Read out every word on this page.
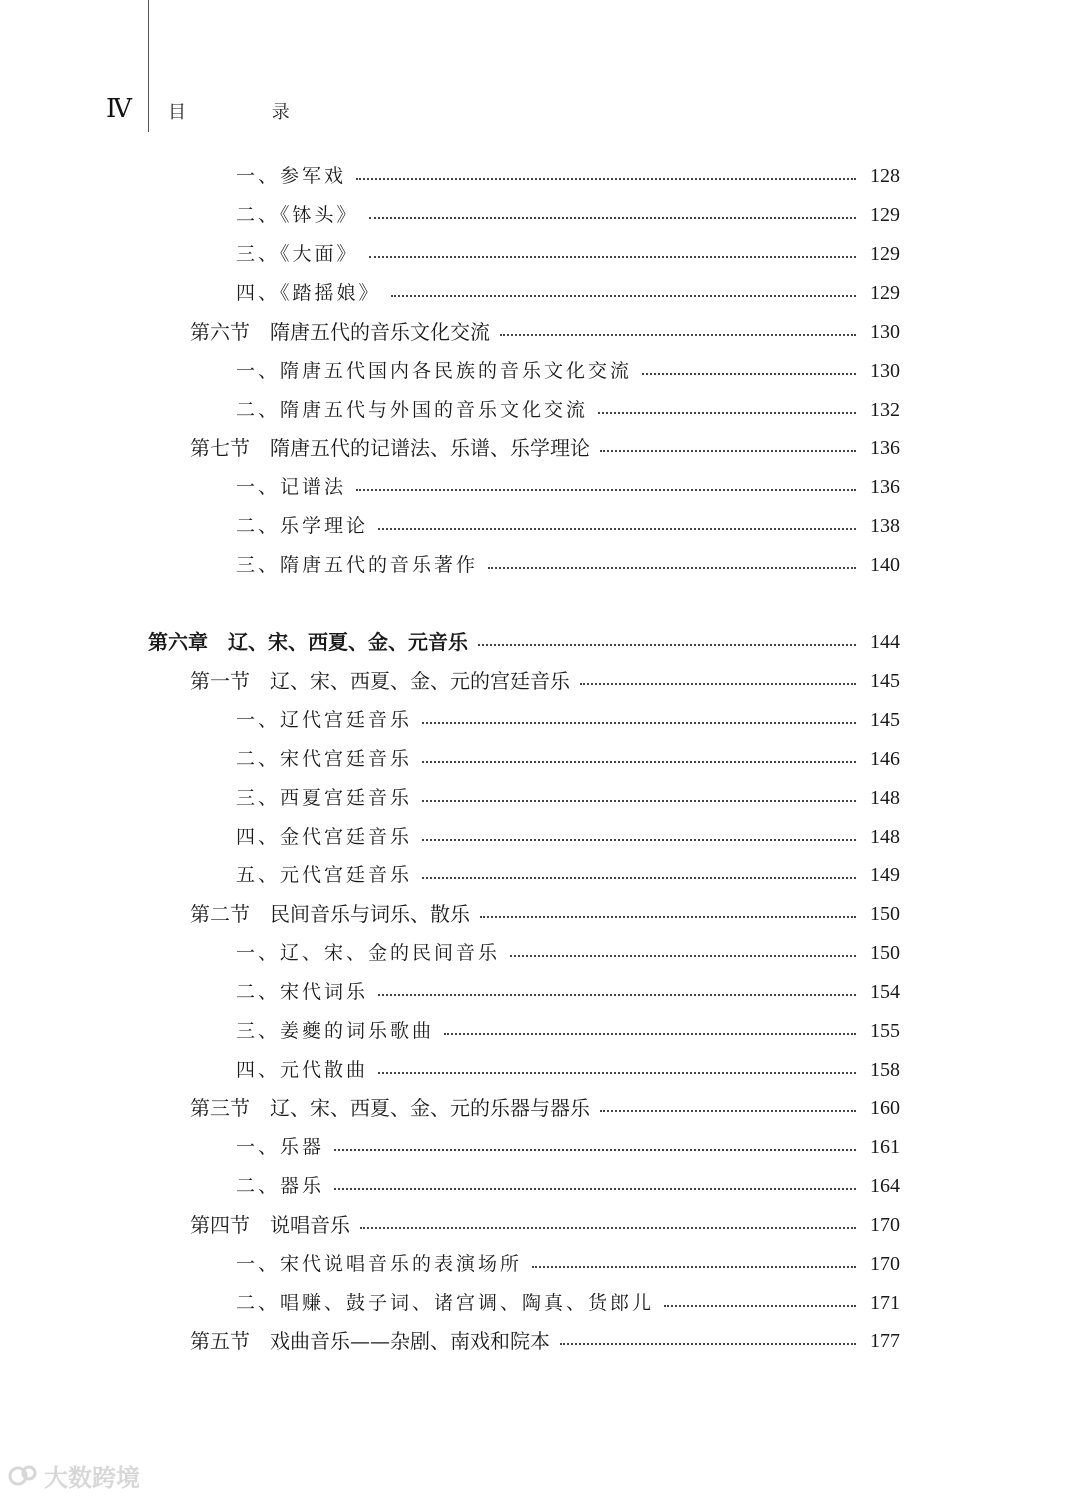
Ⅳ 目 录
一、参军戏	128
二、《钵头》	129
三、《大面》	129
四、《踏摇娘》	129
第六节　隋唐五代的音乐文化交流	130
一、隋唐五代国内各民族的音乐文化交流	130
二、隋唐五代与外国的音乐文化交流	132
第七节　隋唐五代的记谱法、乐谱、乐学理论	136
一、记谱法	136
二、乐学理论	138
三、隋唐五代的音乐著作	140
第六章　辽、宋、西夏、金、元音乐	144
第一节　辽、宋、西夏、金、元的宫廷音乐	145
一、辽代宫廷音乐	145
二、宋代宫廷音乐	146
三、西夏宫廷音乐	148
四、金代宫廷音乐	148
五、元代宫廷音乐	149
第二节　民间音乐与词乐、散乐	150
一、辽、宋、金的民间音乐	150
二、宋代词乐	154
三、姜夔的词乐歌曲	155
四、元代散曲	158
第三节　辽、宋、西夏、金、元的乐器与器乐	160
一、乐器	161
二、器乐	164
第四节　说唱音乐	170
一、宋代说唱音乐的表演场所	170
二、唱赚、鼓子词、诸宫调、陶真、货郎儿	171
第五节　戏曲音乐——杂剧、南戏和院本	177
大数跨境
